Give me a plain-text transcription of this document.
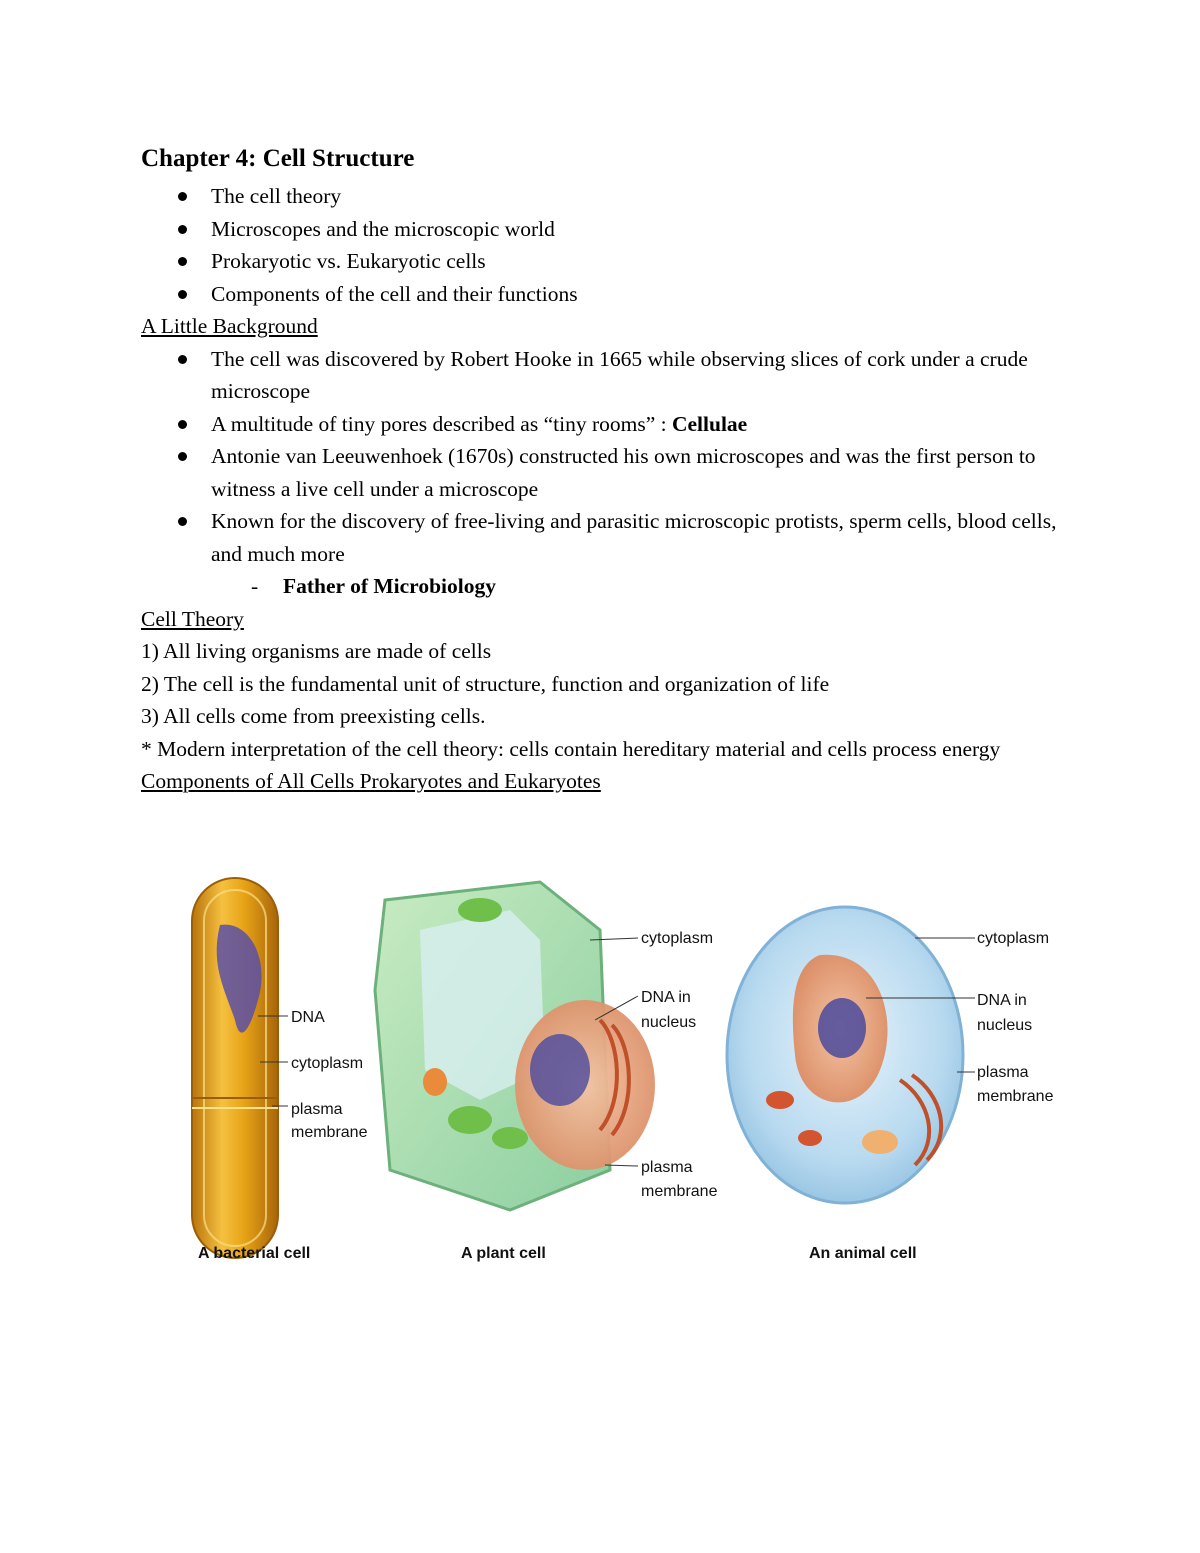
Chapter 4: Cell Structure
The cell theory
Microscopes and the microscopic world
Prokaryotic vs. Eukaryotic cells
Components of the cell and their functions
A Little Background
The cell was discovered by Robert Hooke in 1665 while observing slices of cork under a crude microscope
A multitude of tiny pores described as “tiny rooms” : Cellulae
Antonie van Leeuwenhoek (1670s) constructed his own microscopes and was the first person to witness a live cell under a microscope
Known for the discovery of free-living and parasitic microscopic protists, sperm cells, blood cells, and much more
- Father of Microbiology
Cell Theory
1) All living organisms are made of cells
2) The cell is the fundamental unit of structure, function and organization of life
3) All cells come from preexisting cells.
* Modern interpretation of the cell theory: cells contain hereditary material and cells process energy
Components of All Cells Prokaryotes and Eukaryotes
DNA
cytoplasm
plasma
membrane
A bacterial cell
cytoplasm
DNA in
nucleus
plasma
membrane
A plant cell
cytoplasm
DNA in
nucleus
plasma
membrane
An animal cell
